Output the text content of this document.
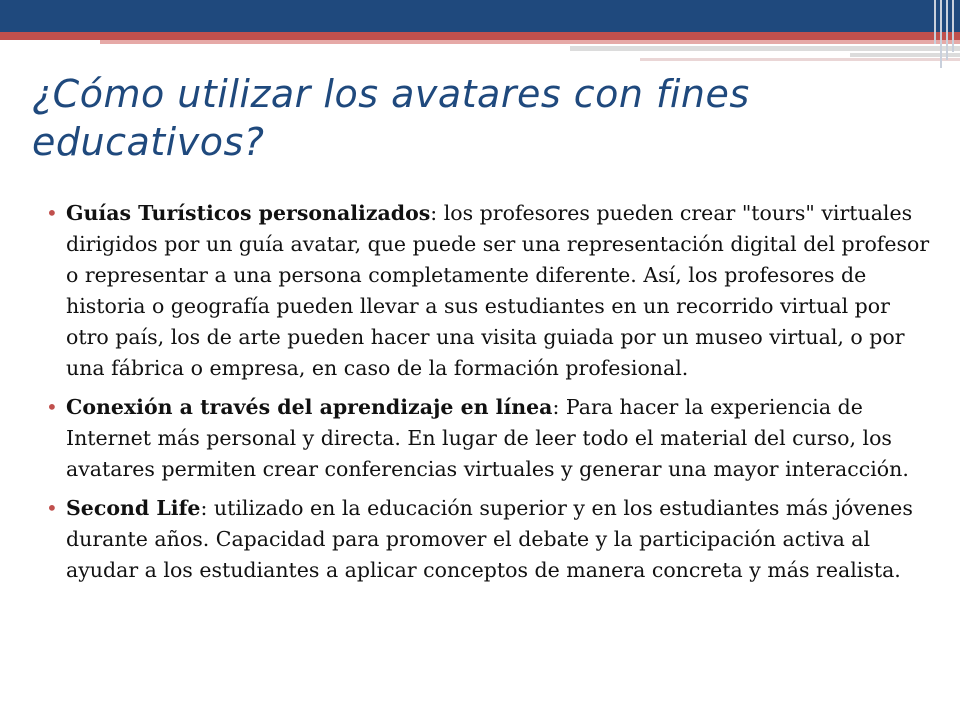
¿Cómo utilizar los avatares con fines educativos?
• Guías Turísticos personalizados: los profesores pueden crear "tours" virtuales dirigidos por un guía avatar, que puede ser una representación digital del profesor o representar a una persona completamente diferente. Así, los profesores de historia o geografía pueden llevar a sus estudiantes en un recorrido virtual por otro país, los de arte pueden hacer una visita guiada por un museo virtual, o por una fábrica o empresa, en caso de la formación profesional.
• Conexión a través del aprendizaje en línea: Para hacer la experiencia de Internet más personal y directa. En lugar de leer todo el material del curso, los avatares permiten crear conferencias virtuales y generar una mayor interacción.
• Second Life: utilizado en la educación superior y en los estudiantes más jóvenes durante años. Capacidad para promover el debate y la participación activa al ayudar a los estudiantes a aplicar conceptos de manera concreta y más realista.
